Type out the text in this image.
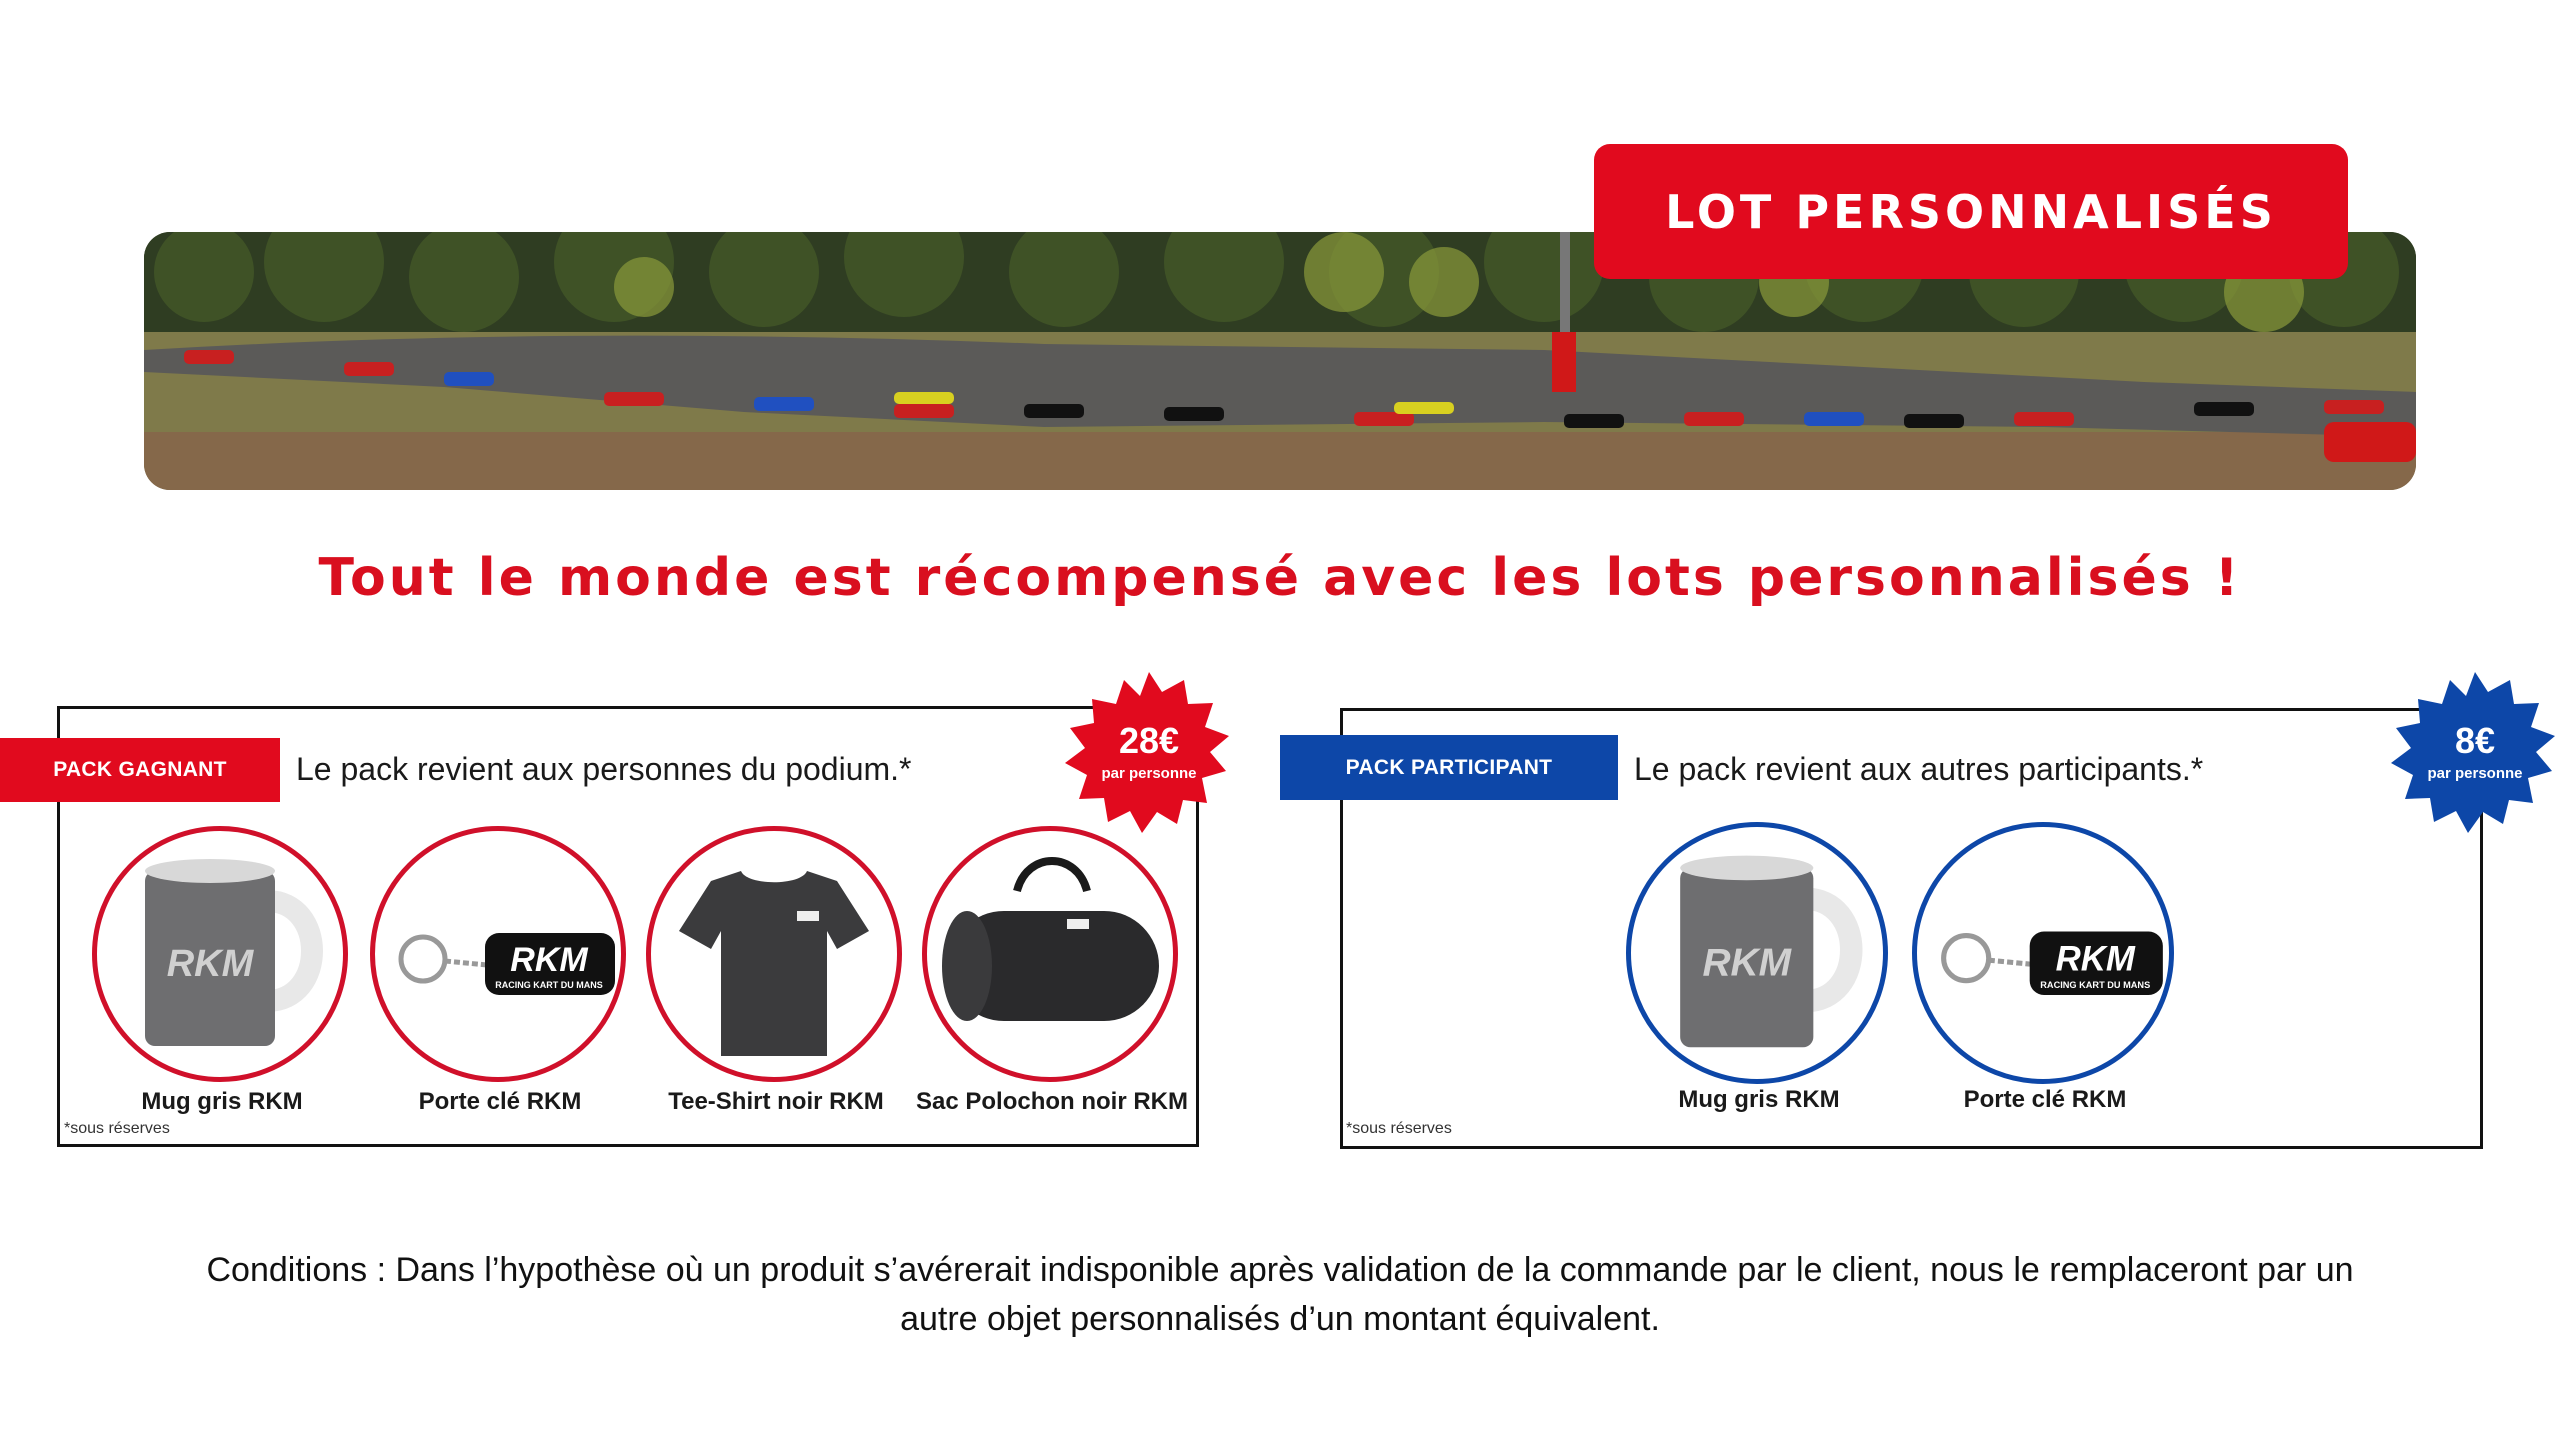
LOT PERSONNALISÉS
Tout le monde est récompensé avec les lots personnalisés !
PACK GAGNANT	Le pack revient aux personnes du podium.*
28€
par personne
RKM
Mug gris RKM
RKM
RACING KART DU MANS
Porte clé RKM	Tee-Shirt noir RKM	Sac Polochon noir RKM
*sous réserves
PACK PARTICIPANT	Le pack revient aux autres participants.*
8€
par personne
RKM
Mug gris RKM
RKM
RACING KART DU MANS
Porte clé RKM
*sous réserves
Conditions : Dans l’hypothèse où un produit s’avérerait indisponible après validation de la commande par le client, nous le remplaceront par un
autre objet personnalisés d’un montant équivalent.
